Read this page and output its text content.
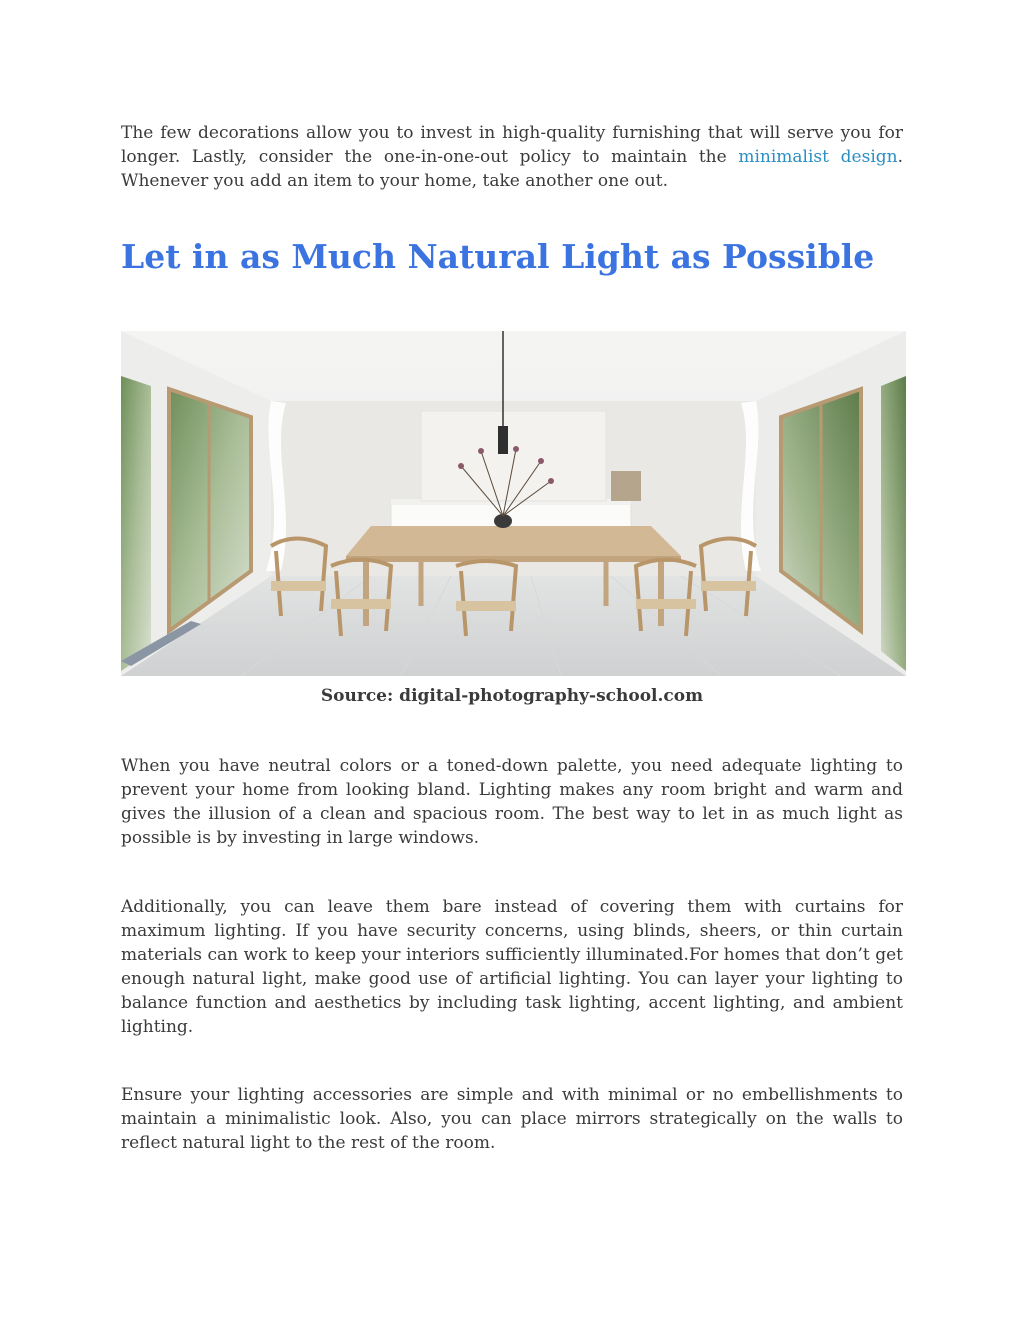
The few decorations allow you to invest in high-quality furnishing that will serve you for longer. Lastly, consider the one-in-one-out policy to maintain the minimalist design. Whenever you add an item to your home, take another one out.

Let in as Much Natural Light as Possible
Source: digital-photography-school.com

When you have neutral colors or a toned-down palette, you need adequate lighting to prevent your home from looking bland. Lighting makes any room bright and warm and gives the illusion of a clean and spacious room. The best way to let in as much light as possible is by investing in large windows.

Additionally, you can leave them bare instead of covering them with curtains for maximum lighting. If you have security concerns, using blinds, sheers, or thin curtain materials can work to keep your interiors sufficiently illuminated.For homes that don’t get enough natural light, make good use of artificial lighting. You can layer your lighting to balance function and aesthetics by including task lighting, accent lighting, and ambient lighting.

Ensure your lighting accessories are simple and with minimal or no embellishments to maintain a minimalistic look. Also, you can place mirrors strategically on the walls to reflect natural light to the rest of the room.
